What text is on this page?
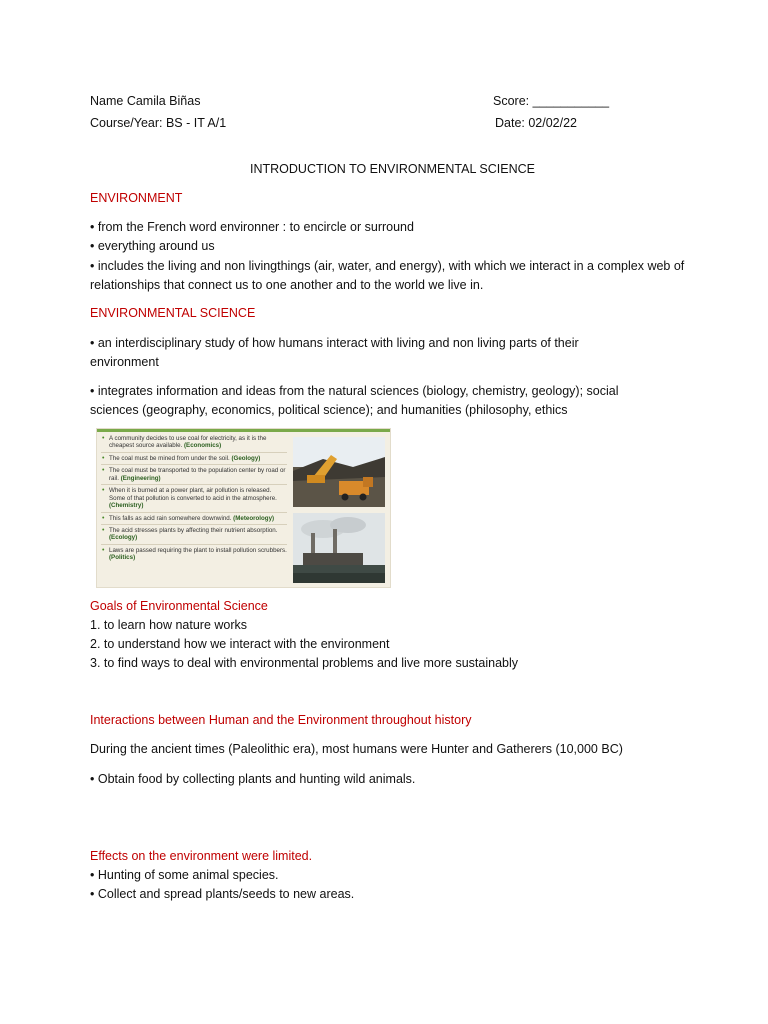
Name Camila Biñas
Course/Year: BS - IT A/1
Score: ___________
Date: 02/02/22
INTRODUCTION TO ENVIRONMENTAL SCIENCE
ENVIRONMENT
• from the French word environner : to encircle or surround
• everything around us
• includes the living and non livingthings (air, water, and energy), with which we interact in a complex web of relationships that connect us to one another and to the world we live in.
ENVIRONMENTAL SCIENCE
• an interdisciplinary study of how humans interact with living and non living parts of their environment
• integrates information and ideas from the natural sciences (biology, chemistry, geology); social sciences (geography, economics, political science); and humanities (philosophy, ethics
• A community decides to use coal for electricity, as it is the cheapest source available. (Economics)
• The coal must be mined from under the soil. (Geology)
• The coal must be transported to the population center by road or rail. (Engineering)
• When it is burned at a power plant, air pollution is released. Some of that pollution is converted to acid in the atmosphere. (Chemistry)
• This falls as acid rain somewhere downwind. (Meteorology)
• The acid stresses plants by affecting their nutrient absorption. (Ecology)
• Laws are passed requiring the plant to install pollution scrubbers. (Politics)
Goals of Environmental Science
1. to learn how nature works
2. to understand how we interact with the environment
3. to find ways to deal with environmental problems and live more sustainably
Interactions between Human and the Environment throughout history
During the ancient times (Paleolithic era), most humans were Hunter and Gatherers (10,000 BC)
• Obtain food by collecting plants and hunting wild animals.
Effects on the environment were limited.
• Hunting of some animal species.
• Collect and spread plants/seeds to new areas.
